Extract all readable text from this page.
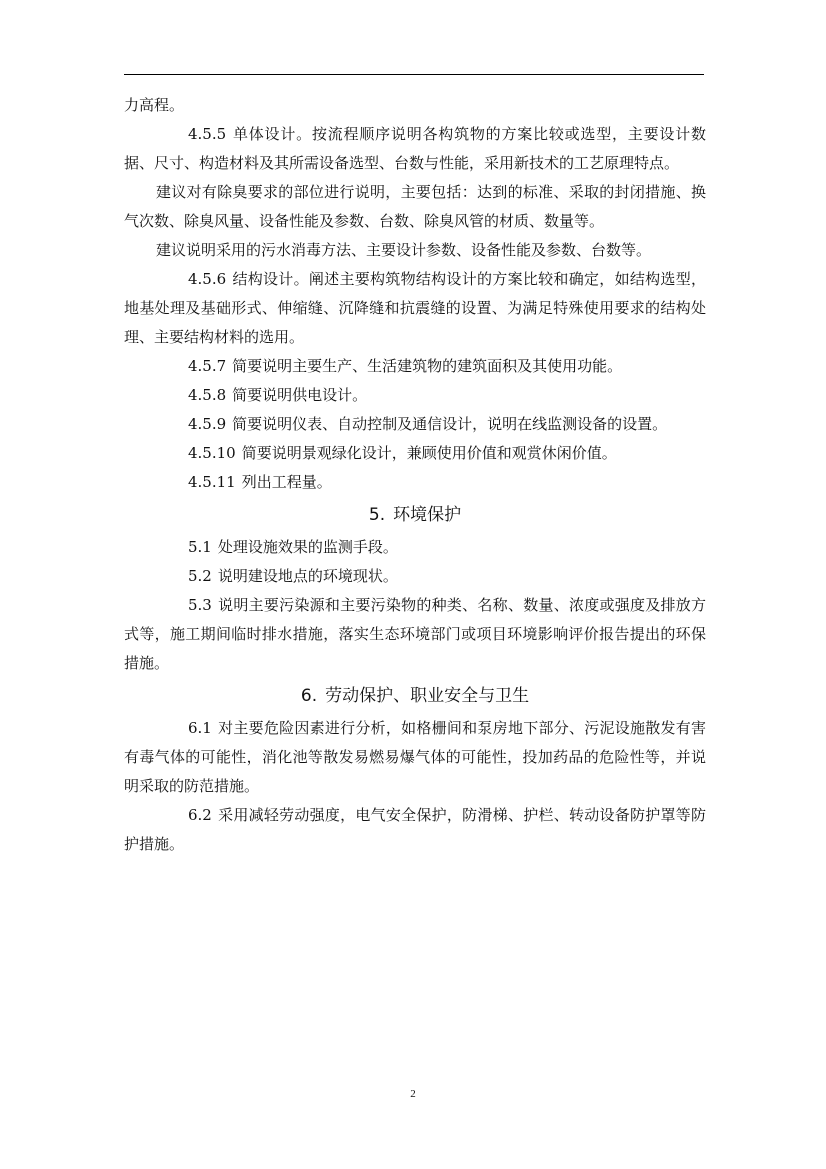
力高程。

4.5.5 单体设计。按流程顺序说明各构筑物的方案比较或选型，主要设计数据、尺寸、构造材料及其所需设备选型、台数与性能，采用新技术的工艺原理特点。

建议对有除臭要求的部位进行说明，主要包括：达到的标准、采取的封闭措施、换气次数、除臭风量、设备性能及参数、台数、除臭风管的材质、数量等。

建议说明采用的污水消毒方法、主要设计参数、设备性能及参数、台数等。

4.5.6 结构设计。阐述主要构筑物结构设计的方案比较和确定，如结构选型，地基处理及基础形式、伸缩缝、沉降缝和抗震缝的设置、为满足特殊使用要求的结构处理、主要结构材料的选用。

4.5.7 简要说明主要生产、生活建筑物的建筑面积及其使用功能。

4.5.8 简要说明供电设计。

4.5.9 简要说明仪表、自动控制及通信设计，说明在线监测设备的设置。

4.5.10 简要说明景观绿化设计，兼顾使用价值和观赏休闲价值。

4.5.11 列出工程量。

5. 环境保护

5.1 处理设施效果的监测手段。

5.2 说明建设地点的环境现状。

5.3 说明主要污染源和主要污染物的种类、名称、数量、浓度或强度及排放方式等，施工期间临时排水措施，落实生态环境部门或项目环境影响评价报告提出的环保措施。

6. 劳动保护、职业安全与卫生

6.1 对主要危险因素进行分析，如格栅间和泵房地下部分、污泥设施散发有害有毒气体的可能性，消化池等散发易燃易爆气体的可能性，投加药品的危险性等，并说明采取的防范措施。

6.2 采用减轻劳动强度，电气安全保护，防滑梯、护栏、转动设备防护罩等防护措施。

2
